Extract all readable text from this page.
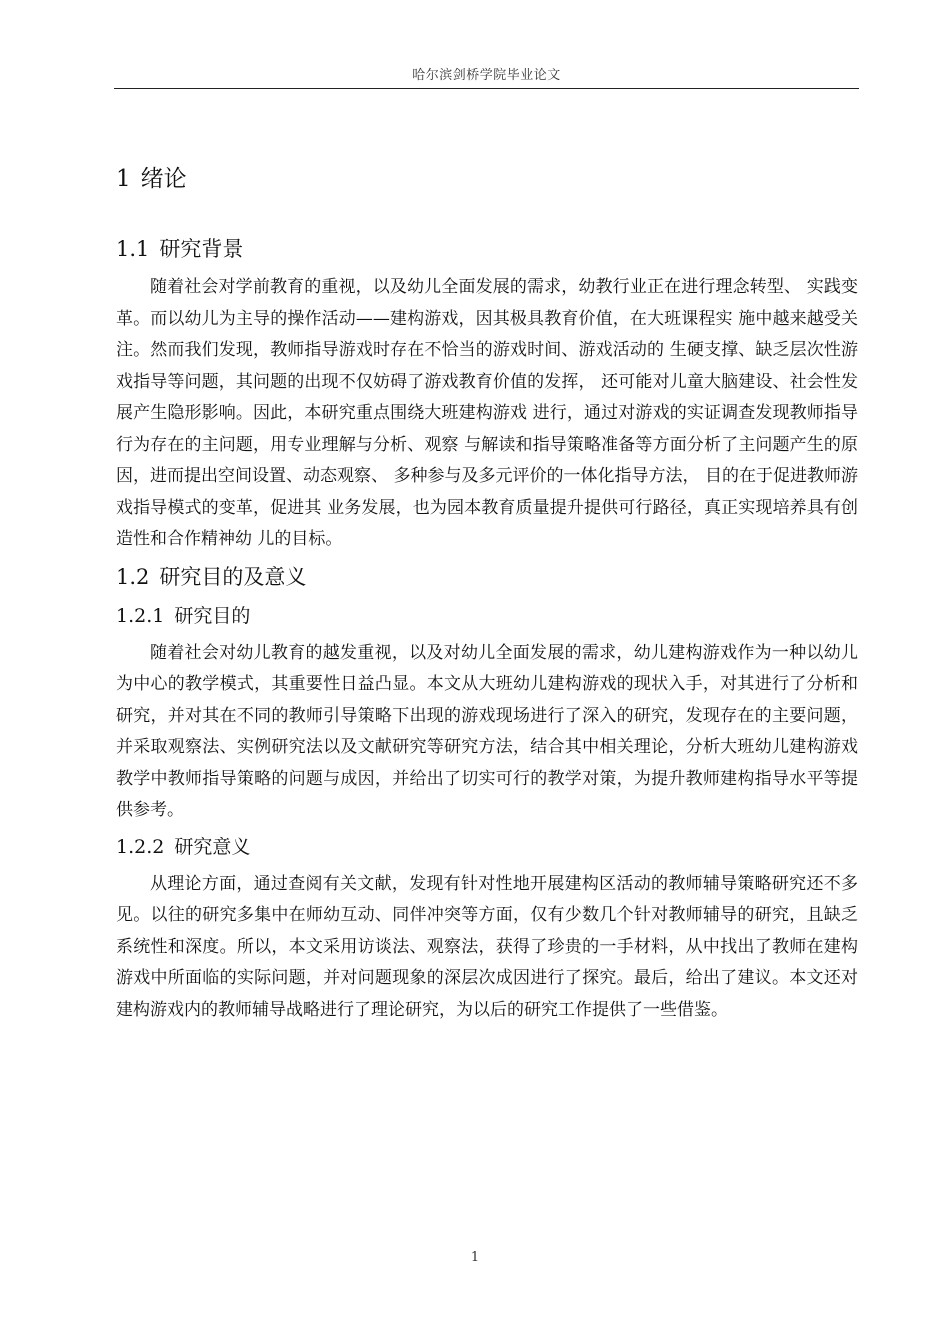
哈尔滨剑桥学院毕业论文
1 绪论
1.1 研究背景

随着社会对学前教育的重视，以及幼儿全面发展的需求，幼教行业正在进行理念转型、 实践变革。而以幼儿为主导的操作活动——建构游戏，因其极具教育价值，在大班课程实 施中越来越受关注。然而我们发现，教师指导游戏时存在不恰当的游戏时间、游戏活动的 生硬支撑、缺乏层次性游戏指导等问题，其问题的出现不仅妨碍了游戏教育价值的发挥， 还可能对儿童大脑建设、社会性发展产生隐形影响。因此，本研究重点围绕大班建构游戏 进行，通过对游戏的实证调查发现教师指导行为存在的主问题，用专业理解与分析、观察 与解读和指导策略准备等方面分析了主问题产生的原因，进而提出空间设置、动态观察、 多种参与及多元评价的一体化指导方法， 目的在于促进教师游戏指导模式的变革，促进其 业务发展，也为园本教育质量提升提供可行路径，真正实现培养具有创造性和合作精神幼 儿的目标。

1.2 研究目的及意义
1.2.1 研究目的

随着社会对幼儿教育的越发重视，以及对幼儿全面发展的需求，幼儿建构游戏作为一种以幼儿为中心的教学模式，其重要性日益凸显。本文从大班幼儿建构游戏的现状入手，对其进行了分析和研究，并对其在不同的教师引导策略下出现的游戏现场进行了深入的研究，发现存在的主要问题，并采取观察法、实例研究法以及文献研究等研究方法，结合其中相关理论，分析大班幼儿建构游戏教学中教师指导策略的问题与成因，并给出了切实可行的教学对策，为提升教师建构指导水平等提供参考。

1.2.2 研究意义

从理论方面，通过查阅有关文献，发现有针对性地开展建构区活动的教师辅导策略研究还不多见。以往的研究多集中在师幼互动、同伴冲突等方面，仅有少数几个针对教师辅导的研究，且缺乏系统性和深度。所以，本文采用访谈法、观察法，获得了珍贵的一手材料，从中找出了教师在建构游戏中所面临的实际问题，并对问题现象的深层次成因进行了探究。最后，给出了建议。本文还对建构游戏内的教师辅导战略进行了理论研究，为以后的研究工作提供了一些借鉴。

1
